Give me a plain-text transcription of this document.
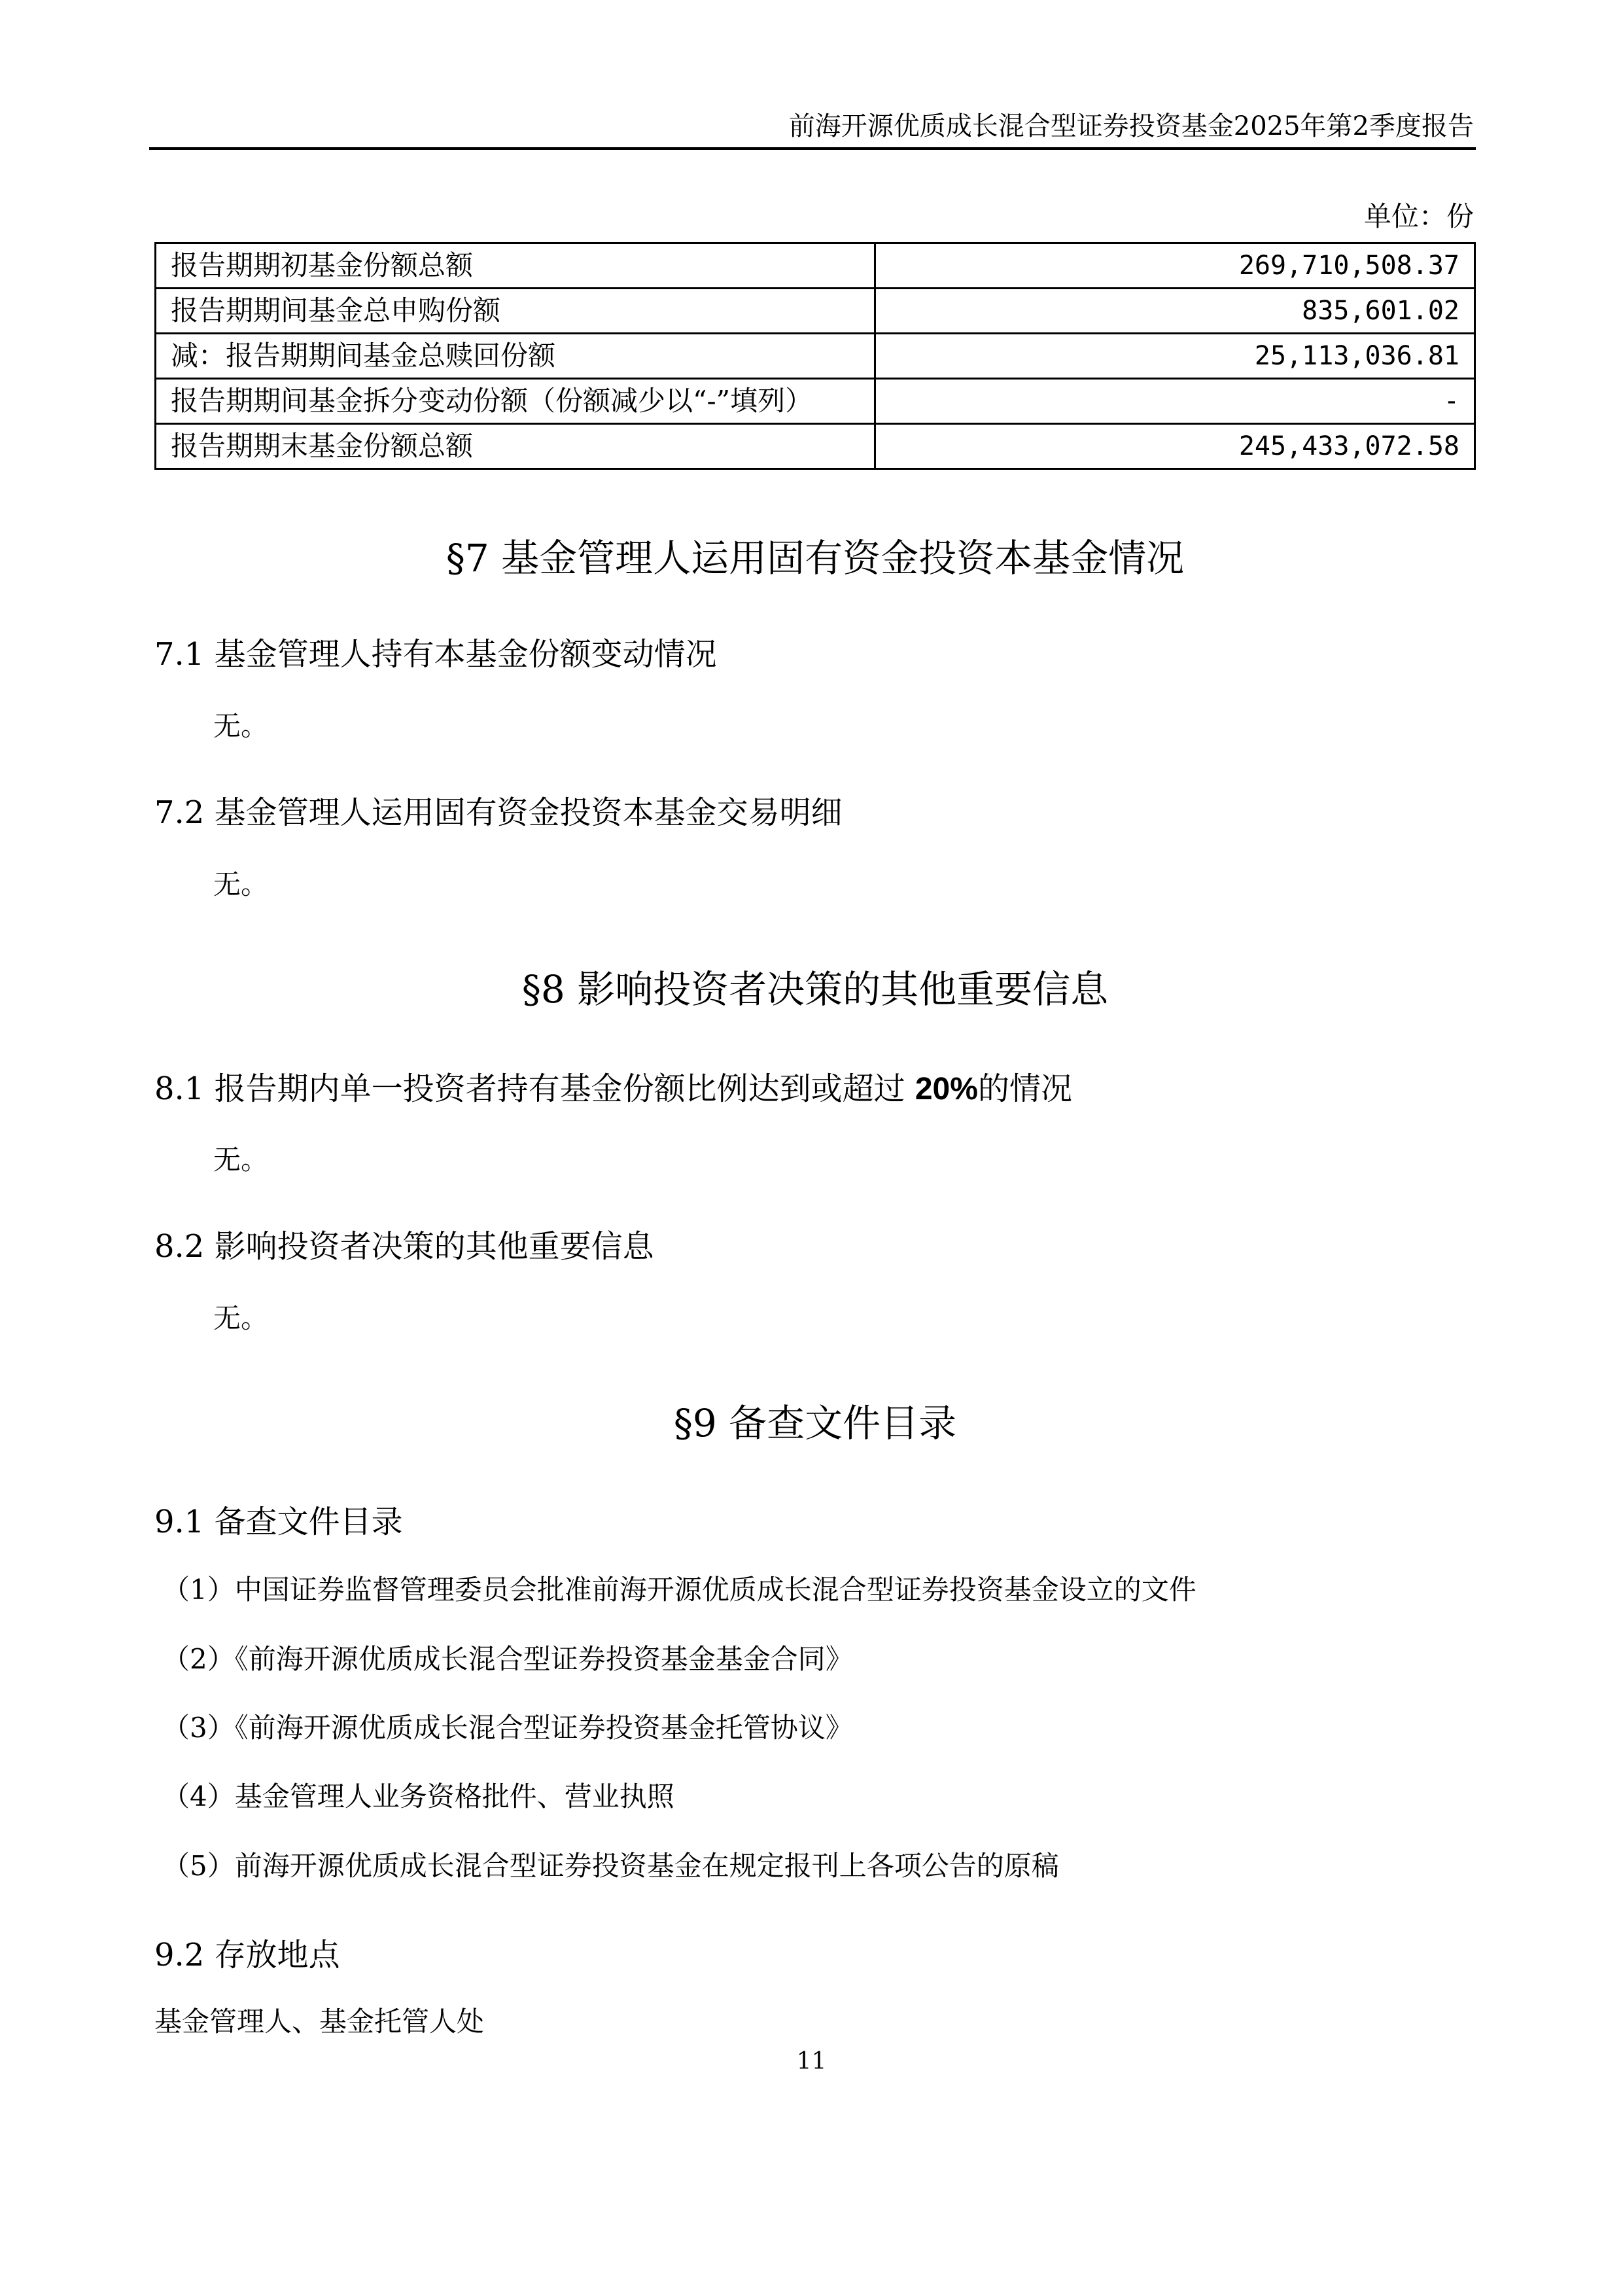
前海开源优质成长混合型证券投资基金2025年第2季度报告
单位：份
报告期期初基金份额总额	269,710,508.37
报告期期间基金总申购份额	835,601.02
减：报告期期间基金总赎回份额	25,113,036.81
报告期期间基金拆分变动份额（份额减少以“-”填列）	-
报告期期末基金份额总额	245,433,072.58
§7 基金管理人运用固有资金投资本基金情况
7.1 基金管理人持有本基金份额变动情况
无。
7.2 基金管理人运用固有资金投资本基金交易明细
无。
§8 影响投资者决策的其他重要信息
8.1 报告期内单一投资者持有基金份额比例达到或超过 20%的情况
无。
8.2 影响投资者决策的其他重要信息
无。
§9 备查文件目录
9.1 备查文件目录
（1）中国证券监督管理委员会批准前海开源优质成长混合型证券投资基金设立的文件
（2）《前海开源优质成长混合型证券投资基金基金合同》
（3）《前海开源优质成长混合型证券投资基金托管协议》
（4）基金管理人业务资格批件、营业执照
（5）前海开源优质成长混合型证券投资基金在规定报刊上各项公告的原稿
9.2 存放地点
基金管理人、基金托管人处
11
